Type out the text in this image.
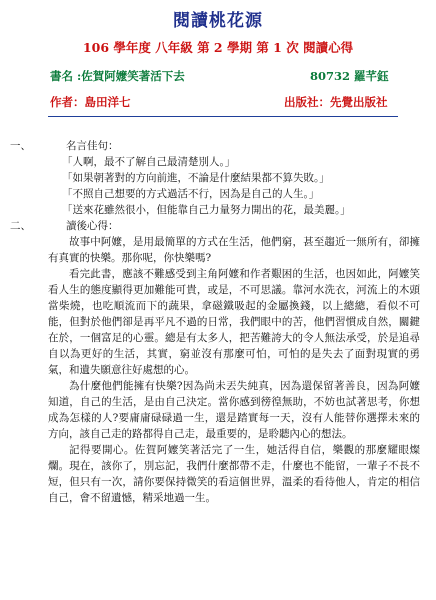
閱讀桃花源
106 學年度 八年級 第 2 學期 第 1 次 閱讀心得
書名 :佐賀阿嬤笑著活下去	80732 羅芊鈺
作者：島田洋七	出版社：先覺出版社
一、	名言佳句：
「人啊，最不了解自己最清楚別人。」
「如果朝著對的方向前進，不論是什麼結果都不算失敗。」
「不照自己想要的方式過活不行，因為是自己的人生。」
「送來花雖然很小，但能靠自己力量努力開出的花，最美麗。」
二、	讀後心得：
故事中阿嬤，是用最簡單的方式在生活，他們窮，甚至趨近一無所有，卻擁有真實的快樂。那你呢，你快樂嗎?
看完此書，應該不難感受到主角阿嬤和作者艱困的生活，也因如此，阿嬤笑看人生的態度顯得更加難能可貴，或是，不可思議。靠河水洗衣，河流上的木頭當柴燒，也吃順流而下的蔬果，拿磁鐵吸起的金屬換錢，以上總總，看似不可能，但對於他們卻是再平凡不過的日常，我們眼中的苦，他們習慣成自然，關鍵在於，一個富足的心靈。總是有太多人，把苦難誇大的令人無法承受，於是追尋自以為更好的生活，其實，窮並沒有那麼可怕，可怕的是失去了面對現實的勇氣，和遺失願意往好處想的心。
為什麼他們能擁有快樂?因為尚未丟失純真，因為還保留著善良，因為阿嬤知道，自己的生活，是由自己決定。當你感到徬徨無助，不妨也試著思考，你想成為怎樣的人?要庸庸碌碌過一生，還是踏實每一天，沒有人能替你選擇未來的方向，該自己走的路都得自己走，最重要的，是聆聽內心的想法。
記得要開心。佐賀阿嬤笑著活完了一生，她活得自信，樂觀的那麼耀眼燦爛。現在，該你了，別忘記，我們什麼都帶不走，什麼也不能留，一輩子不長不短，但只有一次，請你要保持微笑的看這個世界，溫柔的看待他人，肯定的相信自己，會不留遺憾，精采地過一生。
